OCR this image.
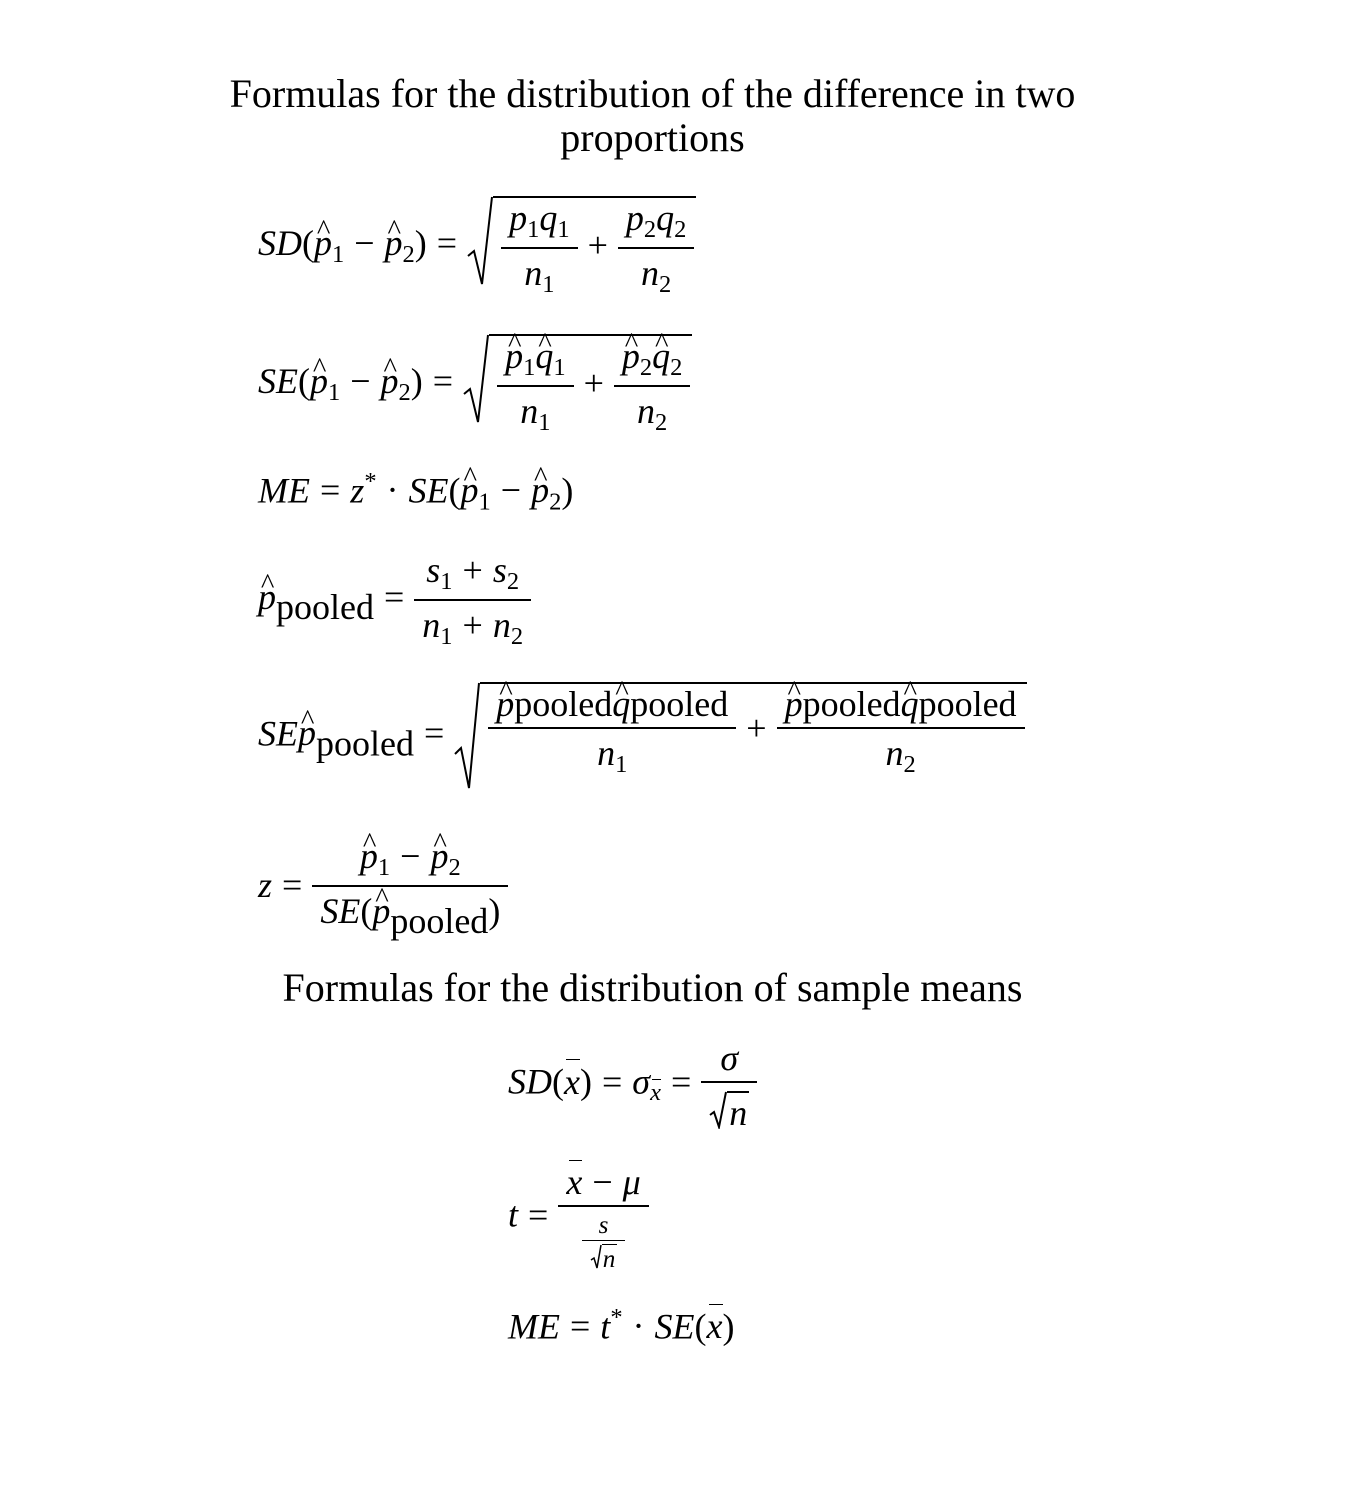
Formulas for the distribution of the difference in two
proportions
SD(^ $p_1$ − ^ $p_2) = \frac{p_1q_1}{n_1} + \frac{p_2q_2}{n_2}$
SE(^ $p_1$ − ^ $p_2$) = ^ $\frac{p_1\^{} q_1}{n_1}$ + ^ $\frac{p_2\^{} q_2}{n_2}$
ME = z* · SE(^ $p_1$ − ^ $p_2$)
^ ppooled = $\frac{s_1 + s_2}{n_1 + n_2}$
SE^ ppooled = ^ $\frac{\text{ppooled\textasciicircum{} qpooled}}{n_1}$ + ^ $\frac{\text{ppooled\textasciicircum{} qpooled}}{n_2}$
z = ^ $\frac{p_1 - \^{} p_2}{\text{SE(\textasciicircum{} ppooled)}}$
Formulas for the distribution of sample means
$SD(x) = \sigma x = \frac{\sigma}{n}$
$t = \frac{x - \mu}{\frac{s}{n}}$
ME = t* · SE(x)
